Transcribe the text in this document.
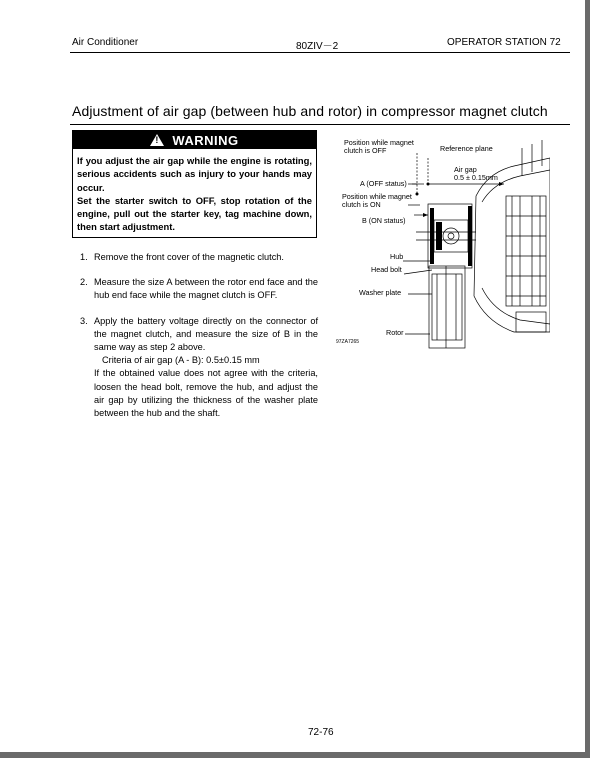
Air Conditioner	80ZIV－2	OPERATOR STATION 72
Adjustment of air gap (between hub and rotor) in compressor magnet clutch
! WARNING

If you adjust the air gap while the engine is rotating, serious accidents such as injury to your hands may occur.

Set the starter switch to OFF, stop rotation of the engine, pull out the starter key, tag machine down, then start adjustment.

1. Remove the front cover of the magnetic clutch.
2. Measure the size A between the rotor end face and the hub end face while the magnet clutch is OFF.
3. Apply the battery voltage directly on the connector of the magnet clutch, and measure the size of B in the same way as step 2 above.
Criteria of air gap (A - B): 0.5±0.15 mm
If the obtained value does not agree with the criteria, loosen the head bolt, remove the hub, and adjust the air gap by utilizing the thickness of the washer plate between the hub and the shaft.
Position while magnet
clutch is OFF	Reference plane
Air gap
0.5 ± 0.15mm
A (OFF status)
Position while magnet
clutch is ON
B (ON status)
Hub
Head bolt
Washer plate
Rotor
97ZA7265
72-76
